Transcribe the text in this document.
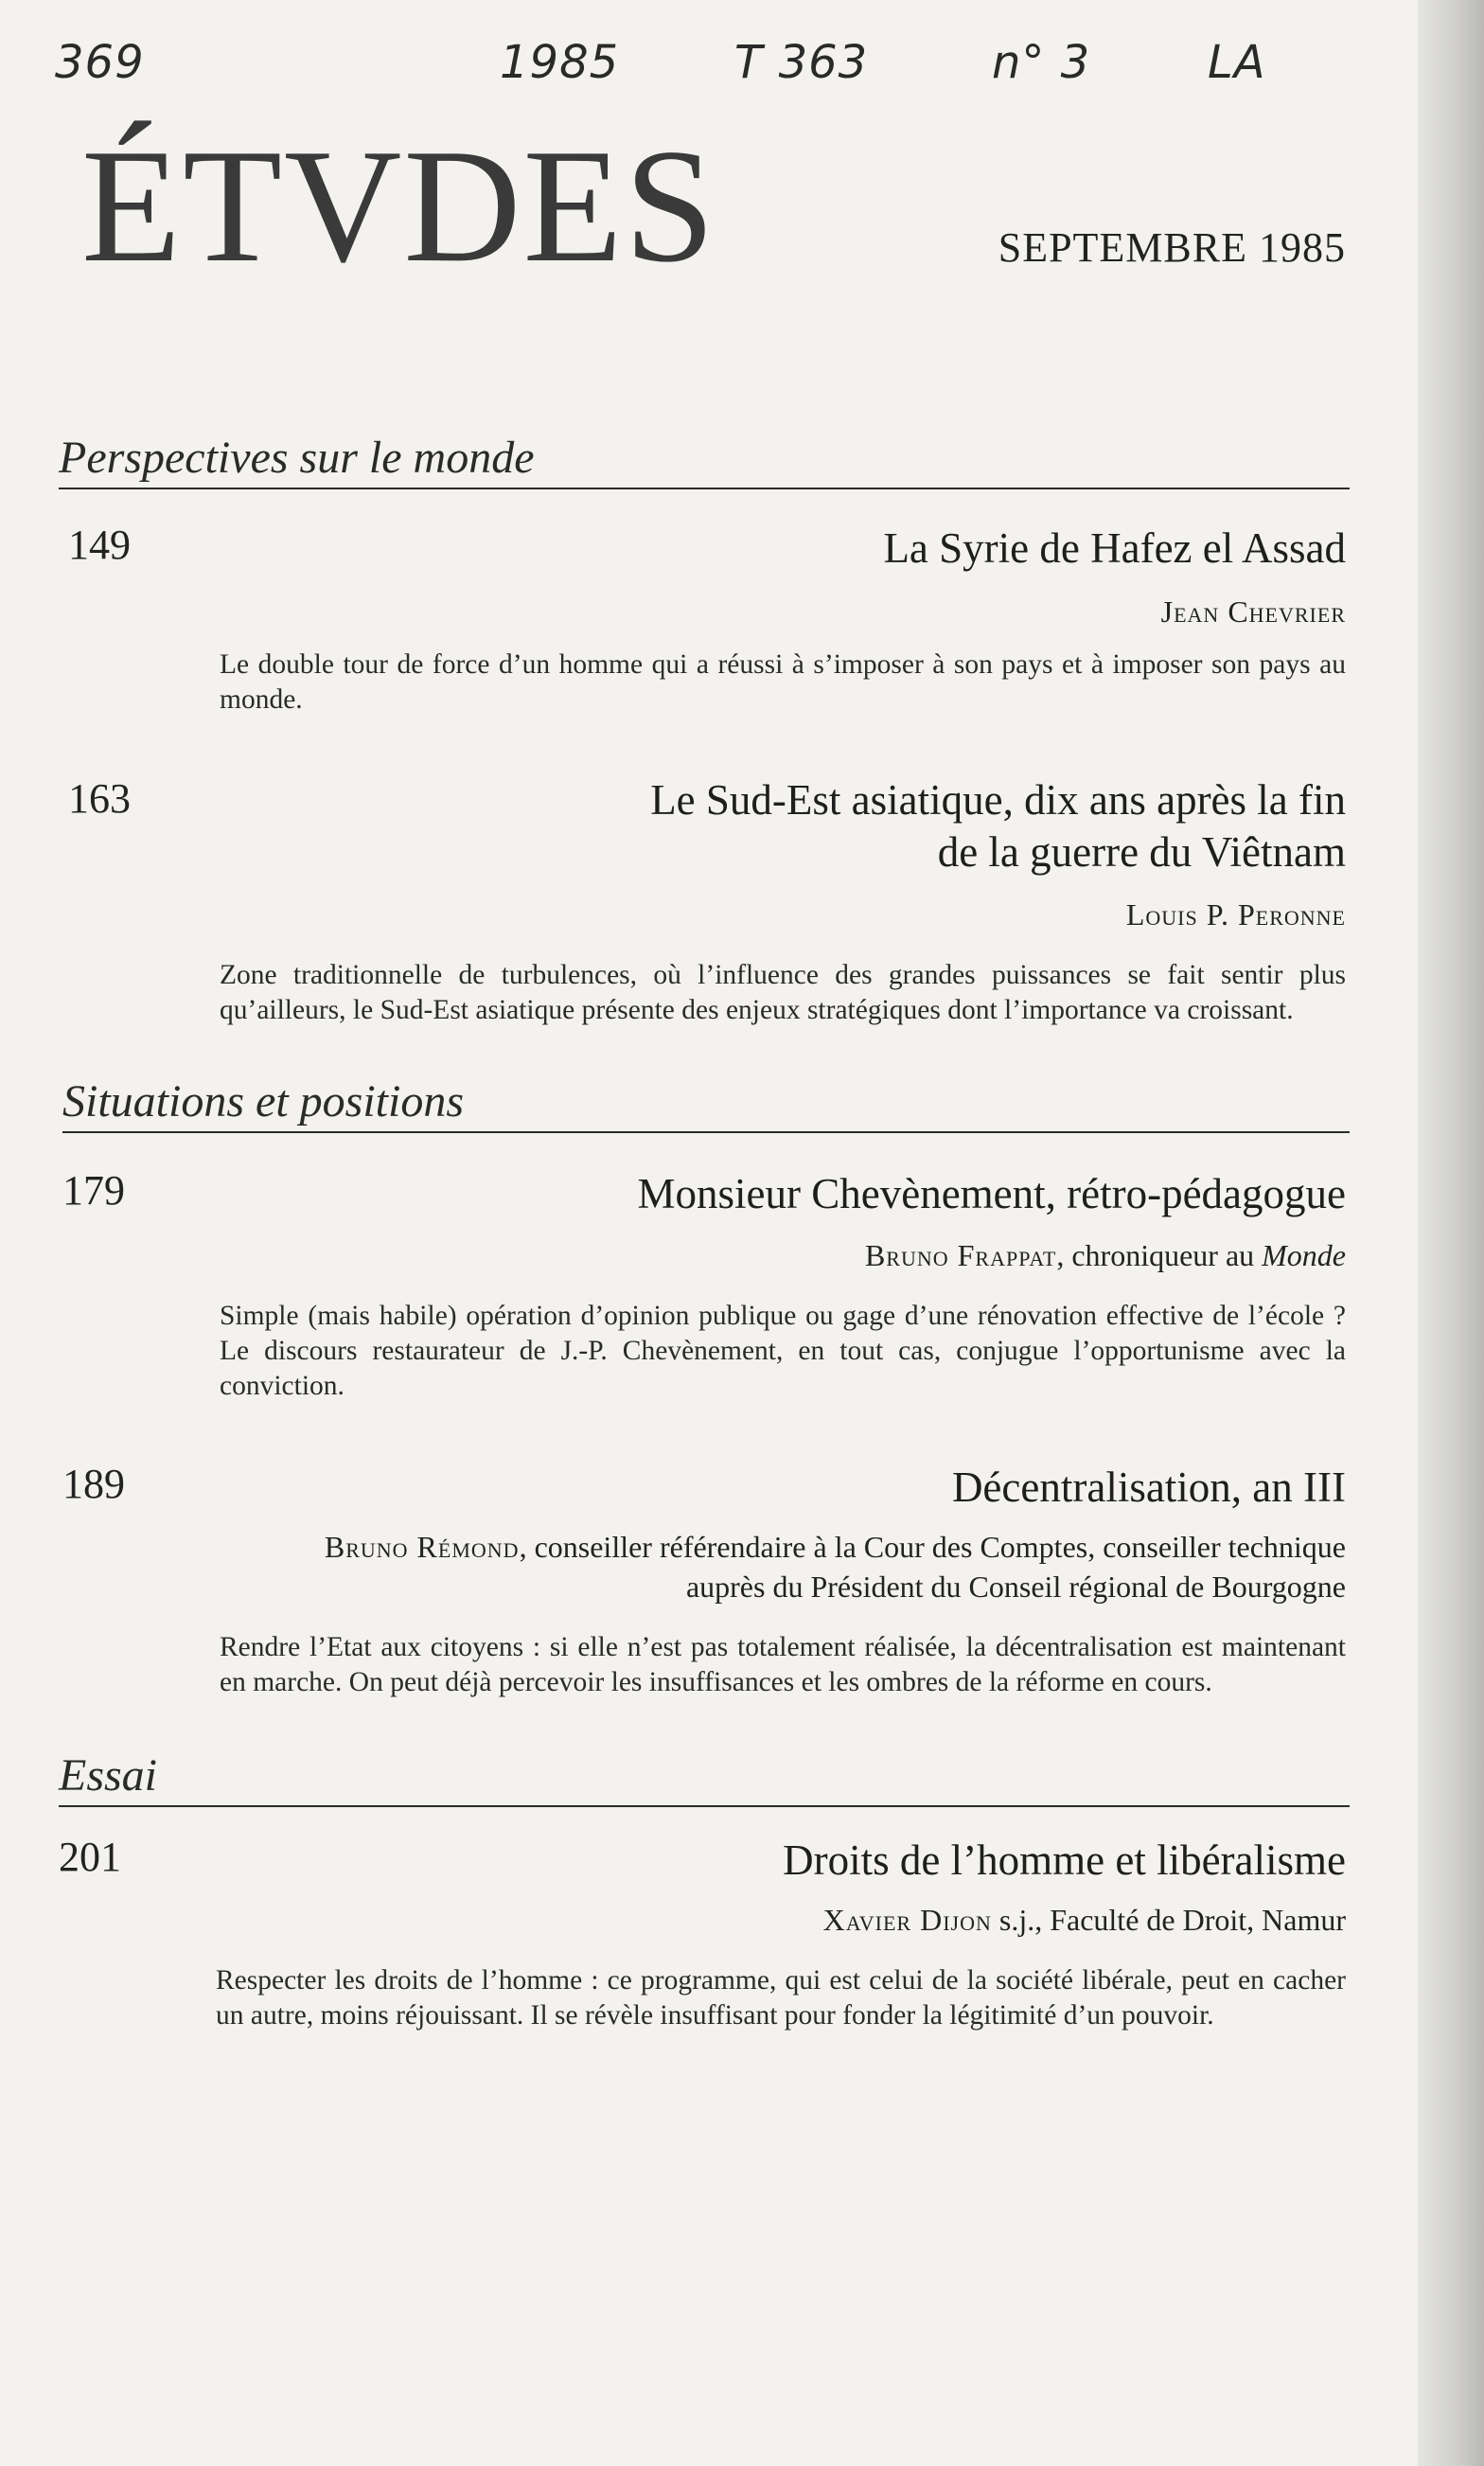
369	1985	T 363	n° 3	LA
ÉTVDES	SEPTEMBRE 1985
Perspectives sur le monde
149	La Syrie de Hafez el Assad
Jean Chevrier
Le double tour de force d’un homme qui a réussi à s’imposer à son pays et à imposer son pays au monde.
163	Le Sud-Est asiatique, dix ans après la fin
de la guerre du Viêtnam
Louis P. Peronne
Zone traditionnelle de turbulences, où l’influence des grandes puissances se fait sentir plus qu’ailleurs, le Sud-Est asiatique présente des enjeux stratégiques dont l’importance va croissant.
Situations et positions
179	Monsieur Chevènement, rétro-pédagogue
Bruno Frappat, chroniqueur au Monde
Simple (mais habile) opération d’opinion publique ou gage d’une rénovation effective de l’école ? Le discours restaurateur de J.-P. Chevènement, en tout cas, conjugue l’opportunisme avec la conviction.
189	Décentralisation, an III
Bruno Rémond, conseiller référendaire à la Cour des Comptes, conseiller technique
auprès du Président du Conseil régional de Bourgogne
Rendre l’Etat aux citoyens : si elle n’est pas totalement réalisée, la décentralisation est maintenant en marche. On peut déjà percevoir les insuffisances et les ombres de la réforme en cours.
Essai
201	Droits de l’homme et libéralisme
Xavier Dijon s.j., Faculté de Droit, Namur
Respecter les droits de l’homme : ce programme, qui est celui de la société libérale, peut en cacher un autre, moins réjouissant. Il se révèle insuffisant pour fonder la légitimité d’un pouvoir.
